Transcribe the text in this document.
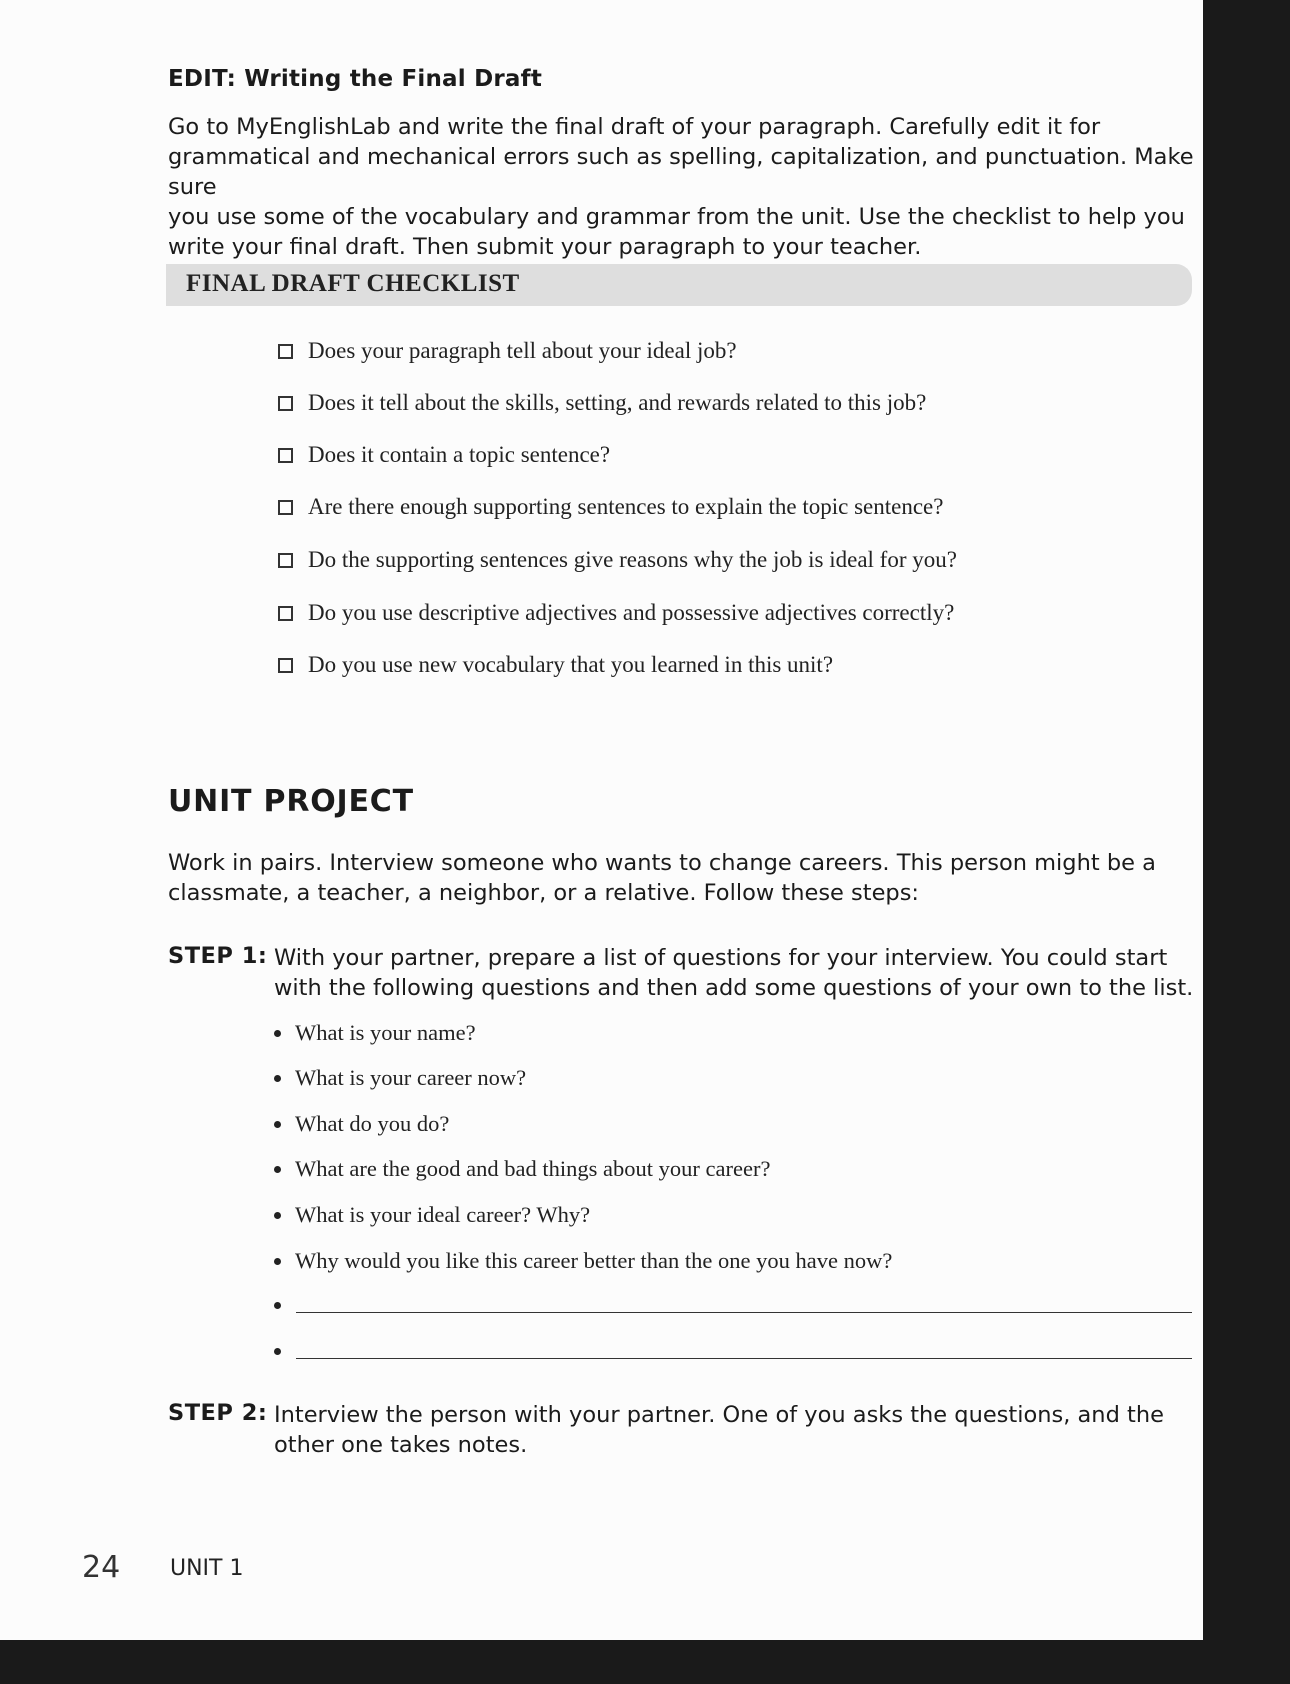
EDIT: Writing the Final Draft
Go to MyEnglishLab and write the final draft of your paragraph. Carefully edit it for
grammatical and mechanical errors such as spelling, capitalization, and punctuation. Make sure
you use some of the vocabulary and grammar from the unit. Use the checklist to help you
write your final draft. Then submit your paragraph to your teacher.
FINAL DRAFT CHECKLIST
Does your paragraph tell about your ideal job?
Does it tell about the skills, setting, and rewards related to this job?
Does it contain a topic sentence?
Are there enough supporting sentences to explain the topic sentence?
Do the supporting sentences give reasons why the job is ideal for you?
Do you use descriptive adjectives and possessive adjectives correctly?
Do you use new vocabulary that you learned in this unit?
UNIT PROJECT
Work in pairs. Interview someone who wants to change careers. This person might be a
classmate, a teacher, a neighbor, or a relative. Follow these steps:
STEP 1: With your partner, prepare a list of questions for your interview. You could start
with the following questions and then add some questions of your own to the list.
What is your name?
What is your career now?
What do you do?
What are the good and bad things about your career?
What is your ideal career? Why?
Why would you like this career better than the one you have now?
STEP 2: Interview the person with your partner. One of you asks the questions, and the
other one takes notes.
24 UNIT 1
